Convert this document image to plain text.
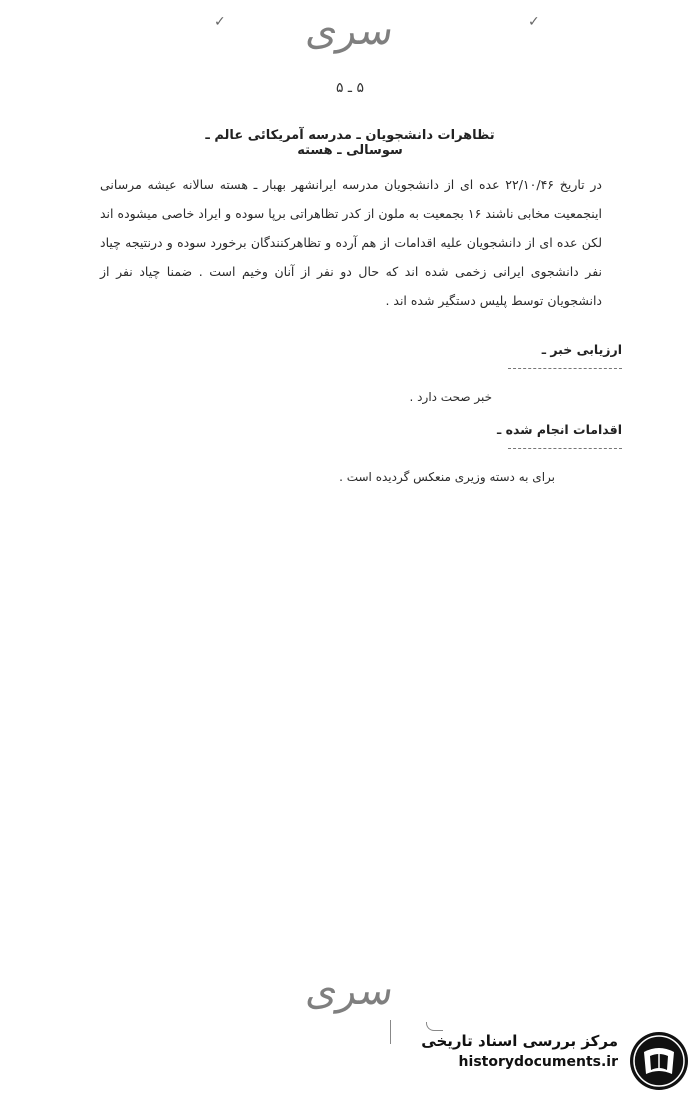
✓	✓
سری
۵ ـ ۵
تظاهرات دانشجویان ـ مدرسه آمریکائی عالم ـ سوسالی ـ هسته
در تاریخ ۲۲/۱۰/۴۶ عده ای از دانشجویان مدرسه ایرانشهر بهبار ـ هسته سالانه عیشه مرسانی اینجمعیت مخابی ناشند ۱۶ بجمعیت به ملون از کدر تظاهراتی برپا سوده و ایراد خاصی میشوده اند لکن عده ای از دانشجویان علیه اقدامات از هم آرده و تظاهرکنندگان برخورد سوده و درنتیجه چیاد نفر دانشجوی ایرانی زخمی شده اند که حال دو نفر از آنان وخیم است . ضمنا چیاد نفر از دانشجویان توسط پلیس دستگیر شده اند .
ارزیابی خبر ـ
خبر صحت دارد .
اقدامات انجام شده ـ
برای به دسته وزیری منعکس گردیده است .
سری
مرکز بررسی اسناد تاریخی
historydocuments.ir
